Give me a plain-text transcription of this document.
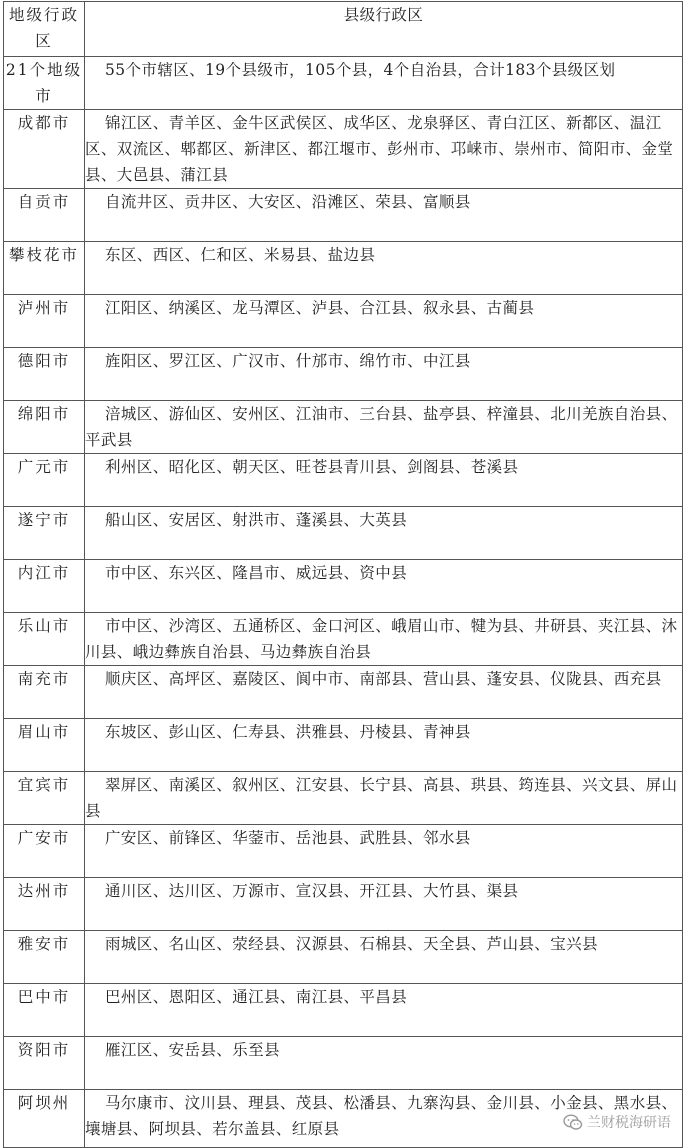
地级行政区	县级行政区
21个地级市	55个市辖区、19个县级市，105个县，4个自治县，合计183个县级区划
成都市	锦江区、青羊区、金牛区武侯区、成华区、龙泉驿区、青白江区、新都区、温江区、双流区、郫都区、新津区、都江堰市、彭州市、邛崃市、崇州市、简阳市、金堂县、大邑县、蒲江县
自贡市	自流井区、贡井区、大安区、沿滩区、荣县、富顺县
攀枝花市	东区、西区、仁和区、米易县、盐边县
泸州市	江阳区、纳溪区、龙马潭区、泸县、合江县、叙永县、古蔺县
德阳市	旌阳区、罗江区、广汉市、什邡市、绵竹市、中江县
绵阳市	涪城区、游仙区、安州区、江油市、三台县、盐亭县、梓潼县、北川羌族自治县、平武县
广元市	利州区、昭化区、朝天区、旺苍县青川县、剑阁县、苍溪县
遂宁市	船山区、安居区、射洪市、蓬溪县、大英县
内江市	市中区、东兴区、隆昌市、威远县、资中县
乐山市	市中区、沙湾区、五通桥区、金口河区、峨眉山市、犍为县、井研县、夹江县、沐川县、峨边彝族自治县、马边彝族自治县
南充市	顺庆区、高坪区、嘉陵区、阆中市、南部县、营山县、蓬安县、仪陇县、西充县
眉山市	东坡区、彭山区、仁寿县、洪雅县、丹棱县、青神县
宜宾市	翠屏区、南溪区、叙州区、江安县、长宁县、高县、珙县、筠连县、兴文县、屏山县
广安市	广安区、前锋区、华蓥市、岳池县、武胜县、邻水县
达州市	通川区、达川区、万源市、宣汉县、开江县、大竹县、渠县
雅安市	雨城区、名山区、荥经县、汉源县、石棉县、天全县、芦山县、宝兴县
巴中市	巴州区、恩阳区、通江县、南江县、平昌县
资阳市	雁江区、安岳县、乐至县
阿坝州	马尔康市、汶川县、理县、茂县、松潘县、九寨沟县、金川县、小金县、黑水县、壤塘县、阿坝县、若尔盖县、红原县	兰财税海研语
